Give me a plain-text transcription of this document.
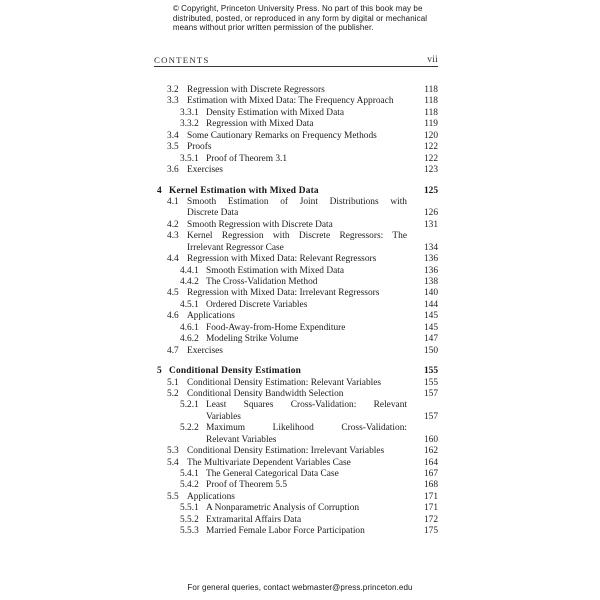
© Copyright, Princeton University Press. No part of this book may be
distributed, posted, or reproduced in any form by digital or mechanical
means without prior written permission of the publisher.
CONTENTS	vii
3.2 Regression with Discrete Regressors	118
3.3 Estimation with Mixed Data: The Frequency Approach	118
3.3.1 Density Estimation with Mixed Data	118
3.3.2 Regression with Mixed Data	119
3.4 Some Cautionary Remarks on Frequency Methods	120
3.5 Proofs	122
3.5.1 Proof of Theorem 3.1	122
3.6 Exercises	123
4 Kernel Estimation with Mixed Data	125
4.1 Smooth Estimation of Joint Distributions with
Discrete Data	126
4.2 Smooth Regression with Discrete Data	131
4.3 Kernel Regression with Discrete Regressors: The
Irrelevant Regressor Case	134
4.4 Regression with Mixed Data: Relevant Regressors	136
4.4.1 Smooth Estimation with Mixed Data	136
4.4.2 The Cross-Validation Method	138
4.5 Regression with Mixed Data: Irrelevant Regressors	140
4.5.1 Ordered Discrete Variables	144
4.6 Applications	145
4.6.1 Food-Away-from-Home Expenditure	145
4.6.2 Modeling Strike Volume	147
4.7 Exercises	150
5 Conditional Density Estimation	155
5.1 Conditional Density Estimation: Relevant Variables	155
5.2 Conditional Density Bandwidth Selection	157
5.2.1 Least Squares Cross-Validation: Relevant
Variables	157
5.2.2 Maximum Likelihood Cross-Validation:
Relevant Variables	160
5.3 Conditional Density Estimation: Irrelevant Variables	162
5.4 The Multivariate Dependent Variables Case	164
5.4.1 The General Categorical Data Case	167
5.4.2 Proof of Theorem 5.5	168
5.5 Applications	171
5.5.1 A Nonparametric Analysis of Corruption	171
5.5.2 Extramarital Affairs Data	172
5.5.3 Married Female Labor Force Participation	175
For general queries, contact webmaster@press.princeton.edu
